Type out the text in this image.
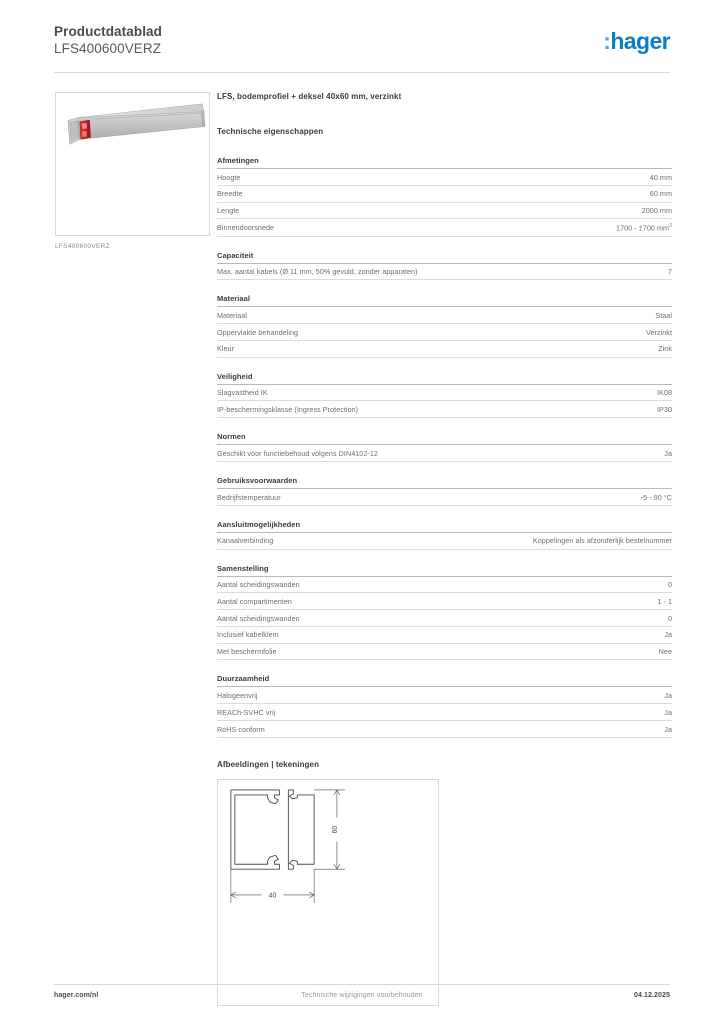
Productdatablad
LFS400600VERZ	:hager
LFS400600VERZ
LFS, bodemprofiel + deksel 40x60 mm, verzinkt
Technische eigenschappen
Afmetingen
Hoogte	40 mm
Breedte	60 mm
Lengte	2000 mm
Binnendoorsnede	1700 - 1700 $mm^2$
Capaciteit
Max. aantal kabels (Ø 11 mm, 50% gevuld, zonder apparaten)	7
Materiaal
Materiaal	Staal
Oppervlakte behandeling	Verzinkt
Kleur	Zink
Veiligheid
Slagvastheid IK	IK08
IP-beschermingsklasse (Ingress Protection)	IP30
Normen
Geschikt voor functiebehoud volgens DIN4102-12	Ja
Gebruiksvoorwaarden
Bedrijfstemperatuur	-5 - 90 °C
Aansluitmogelijkheden
Kanaalverbinding	Koppelingen als afzonderlijk bestelnummer
Samenstelling
Aantal scheidingswanden	0
Aantal compartimenten	1 - 1
Aantal scheidingswanden	0
Inclusief kabelklem	Ja
Met beschermfolie	Nee
Duurzaamheid
Halogeenvrij	Ja
REACh-SVHC vrij	Ja
RoHS conform	Ja
Afbeeldingen | tekeningen
60
40
hager.com/nl	Technische wijzigingen voorbehouden	04.12.2025
